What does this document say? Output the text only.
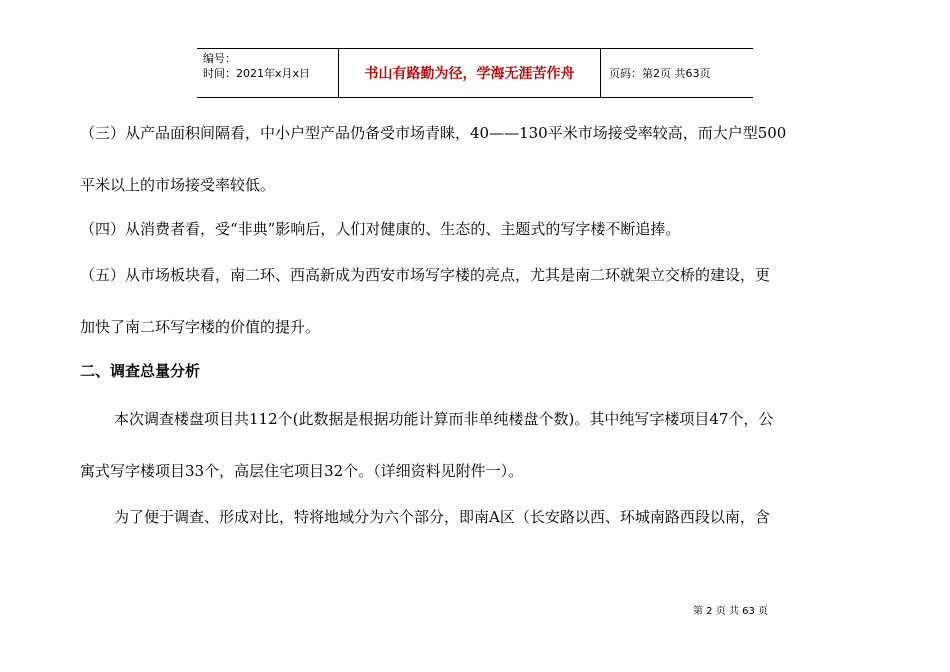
编号：
时间：2021年x月x日	书山有路勤为径，学海无涯苦作舟	页码：第2页 共63页
（三）从产品面积间隔看，中小户型产品仍备受市场青睐，40——130平米市场接受率较高，而大户型500
平米以上的市场接受率较低。
（四）从消费者看，受“非典”影响后，人们对健康的、生态的、主题式的写字楼不断追捧。
（五）从市场板块看，南二环、西高新成为西安市场写字楼的亮点，尤其是南二环就架立交桥的建设，更
加快了南二环写字楼的价值的提升。
二、调查总量分析
本次调查楼盘项目共112个(此数据是根据功能计算而非单纯楼盘个数)。其中纯写字楼项目47个，公
寓式写字楼项目33个，高层住宅项目32个。（详细资料见附件一）。
为了便于调查、形成对比，特将地域分为六个部分，即南A区（长安路以西、环城南路西段以南，含
第 2 页 共 63 页
